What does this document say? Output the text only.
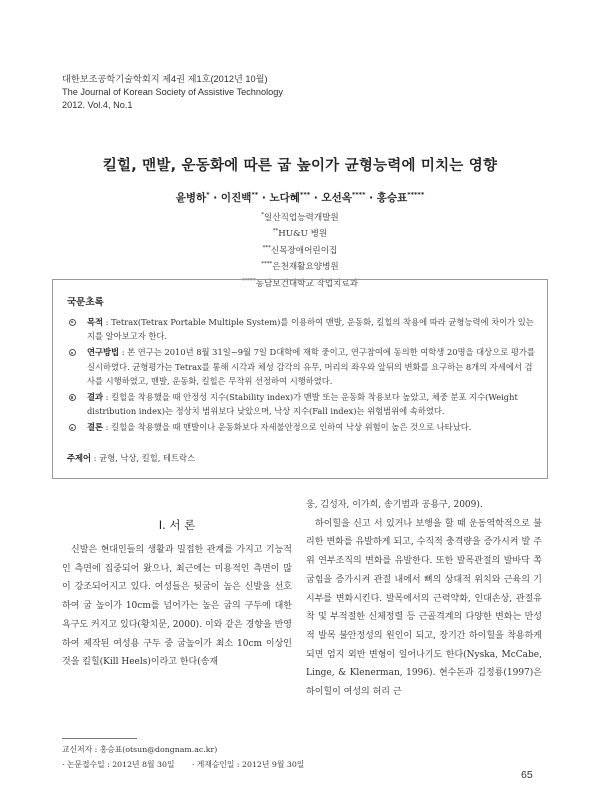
대한보조공학기술학회지 제4권 제1호(2012년 10월)
The Journal of Korean Society of Assistive Technology
2012. Vol.4, No.1
킬힐, 맨발, 운동화에 따른 굽 높이가 균형능력에 미치는 영향
윤병하* · 이진백** · 노다혜*** · 오선옥**** · 홍승표*****
*일산직업능력개발원
**HU&U 병원
***신목장애어린이집
****은천재활요양병원
*****동남보건대학교 작업치료과
국문초록
목적 : Tetrax(Tetrax Portable Multiple System)를 이용하여 맨발, 운동화, 킬힐의 착용에 따라 균형능력에 차이가 있는지를 알아보고자 한다.
연구방법 : 본 연구는 2010년 8월 31일~9월 7일 D대학에 재학 중이고, 연구참여에 동의한 여학생 20명을 대상으로 평가를 실시하였다. 균형평가는 Tetrax를 통해 시각과 체성 감각의 유무, 머리의 좌우와 앞뒤의 변화를 요구하는 8개의 자세에서 검사를 시행하였고, 맨발, 운동화, 킬힐은 무작위 선정하여 시행하였다.
결과 : 킬힐을 착용했을 때 안정성 지수(Stability index)가 맨발 또는 운동화 착용보다 높았고, 체중 분포 지수(Weight distribution index)는 정상치 범위보다 낮았으며, 낙상 지수(Fall index)는 위험범위에 속하였다.
결론 : 킬힐을 착용했을 때 맨발이나 운동화보다 자세불안정으로 인하여 낙상 위험이 높은 것으로 나타났다.
주제어 : 균형, 낙상, 킬힐, 테트락스
I. 서 론

신발은 현대인들의 생활과 밀접한 관계를 가지고 기능적인 측면에 집중되어 왔으나, 최근에는 미용적인 측면이 많이 강조되어지고 있다. 여성들은 뒷굽이 높은 신발을 선호하여 굽 높이가 10cm를 넘어가는 높은 굽의 구두에 대한 욕구도 커지고 있다(황치문, 2000). 이와 같은 경향을 반영하여 제작된 여성용 구두 중 굽높이가 최소 10cm 이상인 것을 킬힐(Kill Heels)이라고 한다(송재

웅, 김성자, 이가희, 송기범과 공용구, 2009).

하이힐을 신고 서 있거나 보행을 할 때 운동역학적으로 불리한 변화를 유발하게 되고, 수직적 충격량을 증가시켜 발 주위 연부조직의 변화를 유발한다. 또한 발목관절의 발바닥 쪽 굽힘을 증가시켜 관절 내에서 뼈의 상대적 위치와 근육의 기시부를 변화시킨다. 발목에서의 근력약화, 인대손상, 관절유착 및 부적절한 신체정렬 등 근골격계의 다양한 변화는 만성적 발목 불안정성의 원인이 되고, 장기간 하이힐을 착용하게 되면 엄지 외반 변형이 일어나기도 한다(Nyska, McCabe, Linge, & Klenerman, 1996). 현수돈과 김정룡(1997)은 하이힐이 여성의 허리 근

교신저자 : 홍승표(otsun@dongnam.ac.kr)
· 논문접수일 : 2012년 8월 30일 · 게재승인일 : 2012년 9월 30일
65
